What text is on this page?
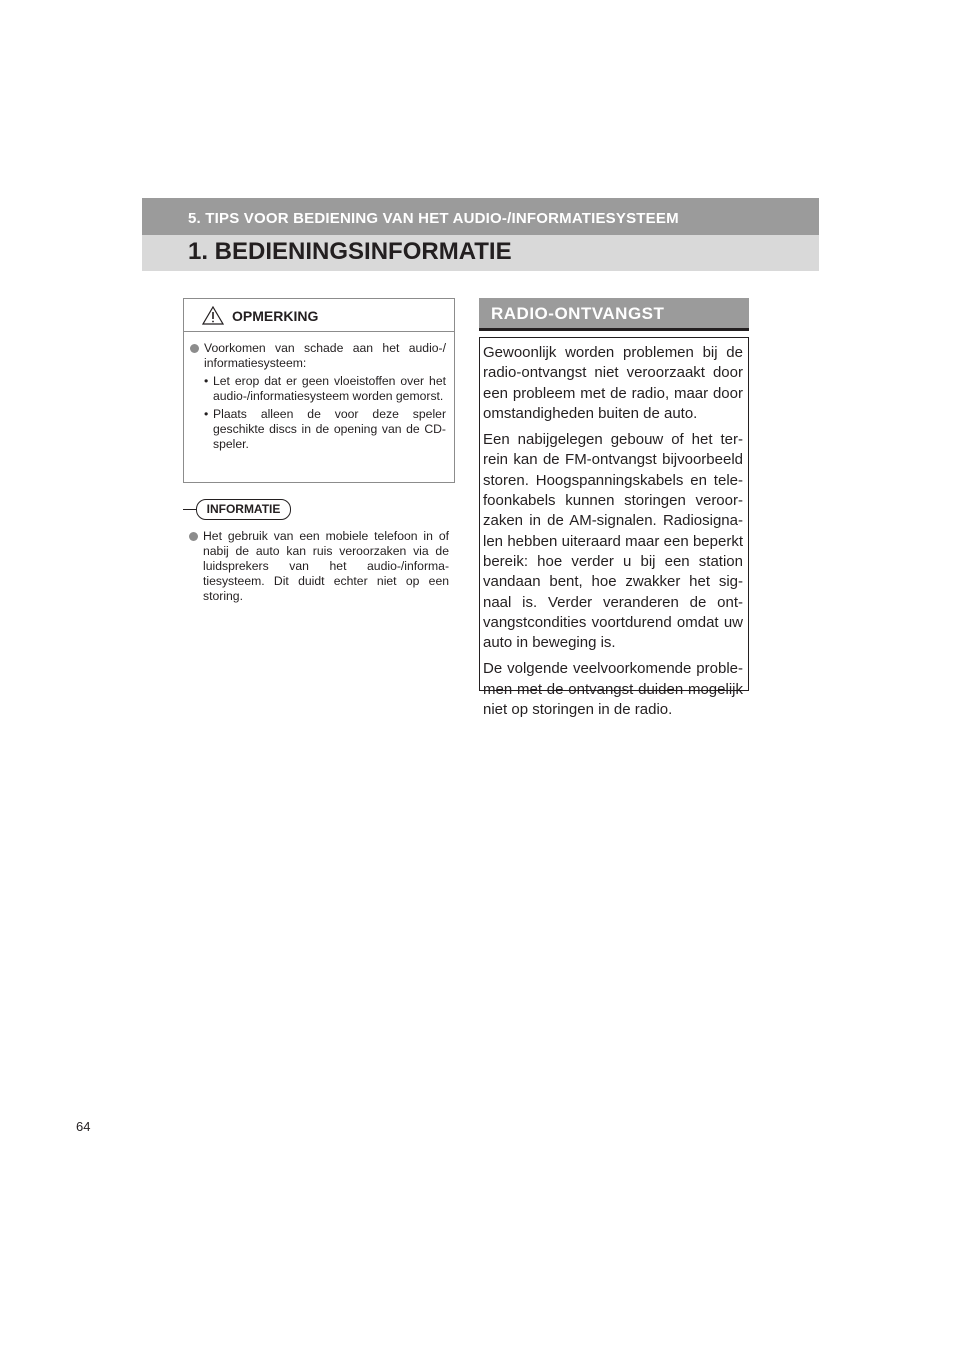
5. TIPS VOOR BEDIENING VAN HET AUDIO-/INFORMATIESYSTEEM
1. BEDIENINGSINFORMATIE
OPMERKING
Voorkomen van schade aan het audio-/ informatiesysteem:
• Let erop dat er geen vloeistoffen over het audio-/informatiesysteem worden gemorst.
• Plaats alleen de voor deze speler geschikte discs in de opening van de CD-speler.
INFORMATIE
Het gebruik van een mobiele telefoon in of nabij de auto kan ruis veroorzaken via de luidsprekers van het audio-/informatiesysteem. Dit duidt echter niet op een storing.
RADIO-ONTVANGST

Gewoonlijk worden problemen bij de radio-ontvangst niet veroorzaakt door een probleem met de radio, maar door omstandigheden buiten de auto.

Een nabijgelegen gebouw of het terrein kan de FM-ontvangst bijvoorbeeld storen. Hoogspanningskabels en telefoonkabels kunnen storingen veroorzaken in de AM-signalen. Radiosignalen hebben uiteraard maar een beperkt bereik: hoe verder u bij een station vandaan bent, hoe zwakker het signaal is. Verder veranderen de ontvangstcondities voortdurend omdat uw auto in beweging is.

De volgende veelvoorkomende problemen met de ontvangst duiden mogelijk niet op storingen in de radio.

64
